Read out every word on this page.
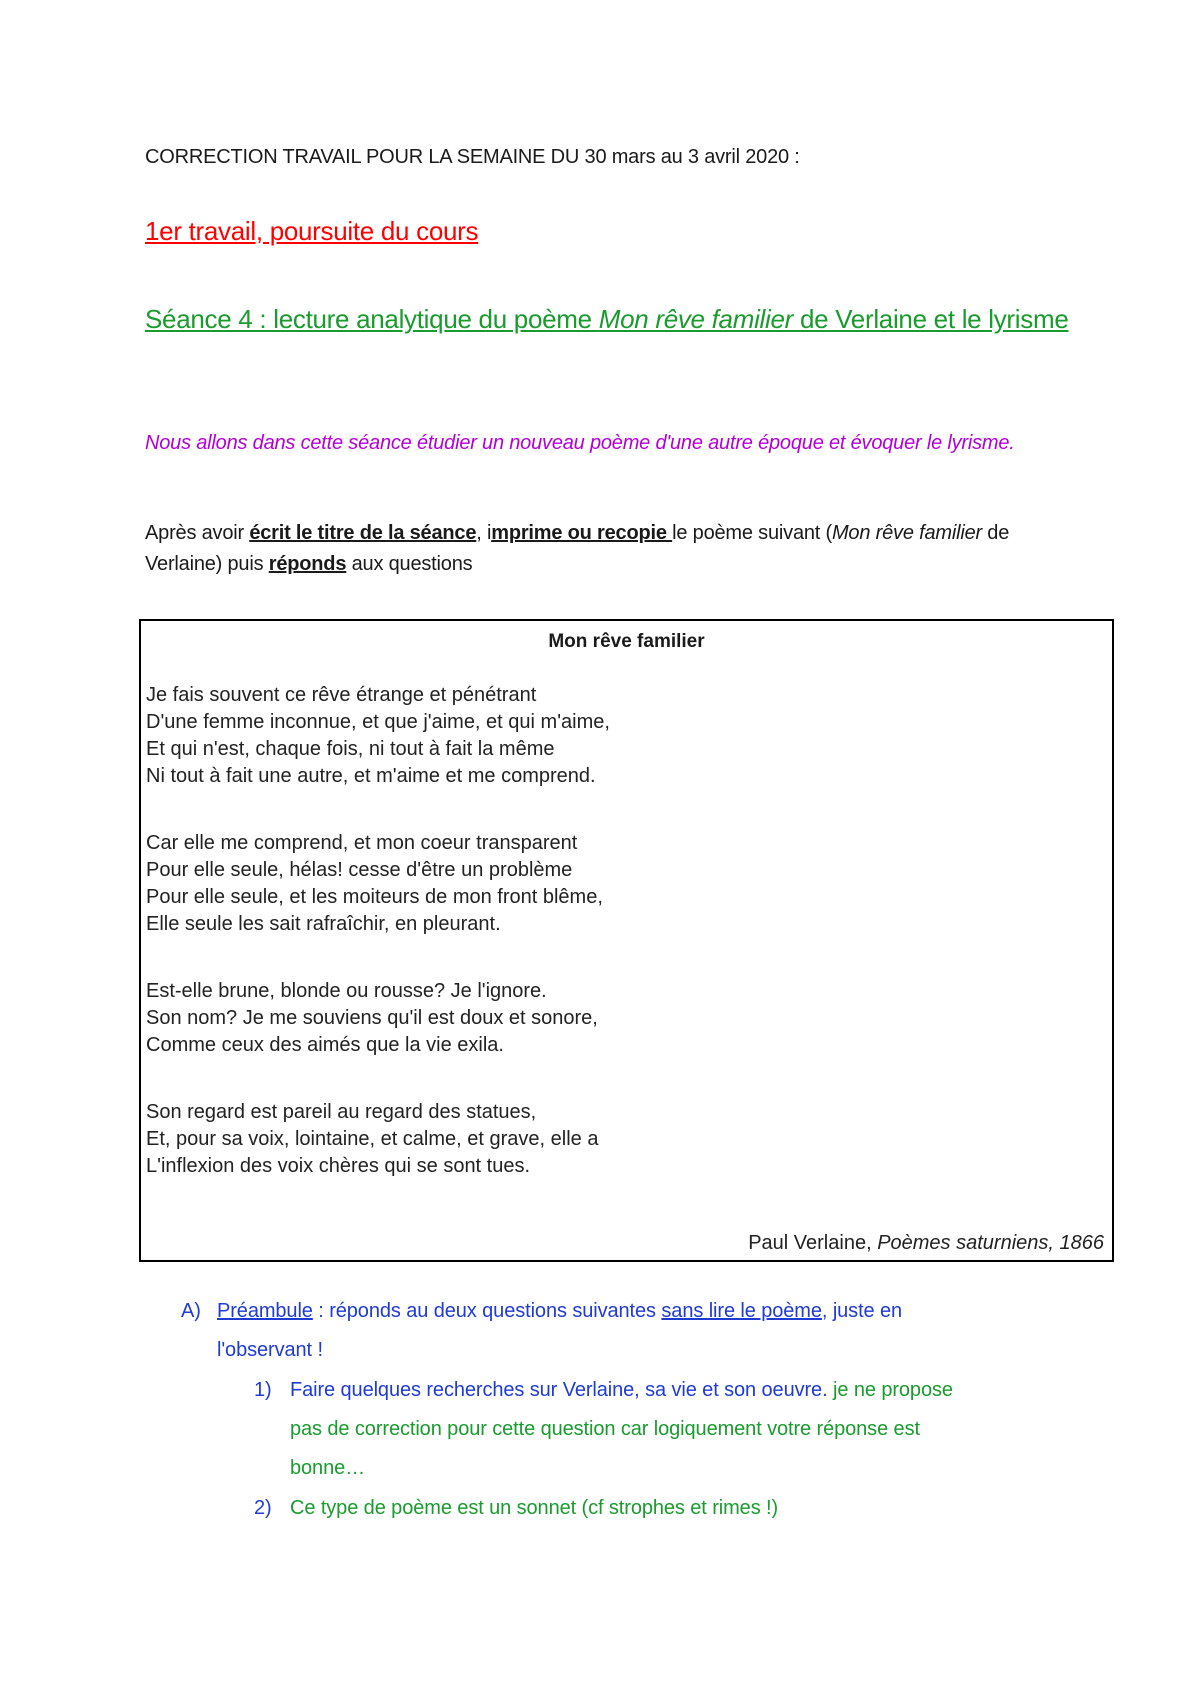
CORRECTION TRAVAIL POUR LA SEMAINE DU 30 mars au 3 avril 2020 :

1er travail, poursuite du cours

Séance 4 : lecture analytique du poème Mon rêve familier de Verlaine et le lyrisme

Nous allons dans cette séance étudier un nouveau poème d'une autre époque et évoquer le lyrisme.

Après avoir écrit le titre de la séance, imprime ou recopie le poème suivant (Mon rêve familier de Verlaine) puis réponds aux questions

Mon rêve familier

Je fais souvent ce rêve étrange et pénétrant
D'une femme inconnue, et que j'aime, et qui m'aime,
Et qui n'est, chaque fois, ni tout à fait la même
Ni tout à fait une autre, et m'aime et me comprend.

Car elle me comprend, et mon coeur transparent
Pour elle seule, hélas! cesse d'être un problème
Pour elle seule, et les moiteurs de mon front blême,
Elle seule les sait rafraîchir, en pleurant.

Est-elle brune, blonde ou rousse? Je l'ignore.
Son nom? Je me souviens qu'il est doux et sonore,
Comme ceux des aimés que la vie exila.

Son regard est pareil au regard des statues,
Et, pour sa voix, lointaine, et calme, et grave, elle a
L'inflexion des voix chères qui se sont tues.

Paul Verlaine, Poèmes saturniens, 1866

A) Préambule : réponds au deux questions suivantes sans lire le poème, juste en

l'observant !

1) Faire quelques recherches sur Verlaine, sa vie et son oeuvre. je ne propose

pas de correction pour cette question car logiquement votre réponse est

bonne…

2) Ce type de poème est un sonnet (cf strophes et rimes !)
